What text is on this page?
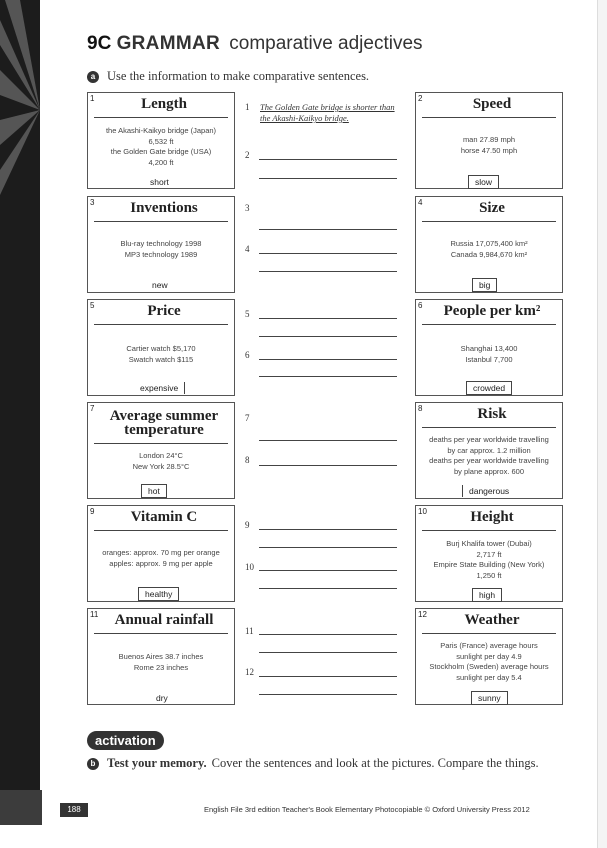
9C GRAMMAR comparative adjectives
a Use the information to make comparative sentences.
1	Length
the Akashi-Kaikyo bridge (Japan)
6,532 ft
the Golden Gate bridge (USA)
4,200 ft
short
2	Speed
man 27.89 mph
horse 47.50 mph
slow
3	Inventions
Blu-ray technology 1998
MP3 technology 1989
new
4	Size
Russia 17,075,400 km²
Canada 9,984,670 km²
big
5	Price
Cartier watch $5,170
Swatch watch $115
expensive
6	People per km²
Shanghai 13,400
Istanbul 7,700
crowded
7	Average summer temperature
London 24°C
New York 28.5°C
hot
8	Risk
deaths per year worldwide travelling
by car approx. 1.2 million
deaths per year worldwide travelling
by plane approx. 600
dangerous
9	Vitamin C
oranges: approx. 70 mg per orange
apples: approx. 9 mg per apple
healthy
10	Height
Burj Khalifa tower (Dubai)
2,717 ft
Empire State Building (New York)
1,250 ft
high
11	Annual rainfall
Buenos Aires 38.7 inches
Rome 23 inches
dry
12	Weather
Paris (France) average hours
sunlight per day 4.9
Stockholm (Sweden) average hours
sunlight per day 5.4
sunny
1 The Golden Gate bridge is shorter than the Akashi-Kaikyo bridge.
2
3
4
5
6
7
8
9
10
11
12
activation
b Test your memory. Cover the sentences and look at the pictures. Compare the things.
188	English File 3rd edition Teacher's Book Elementary Photocopiable © Oxford University Press 2012
